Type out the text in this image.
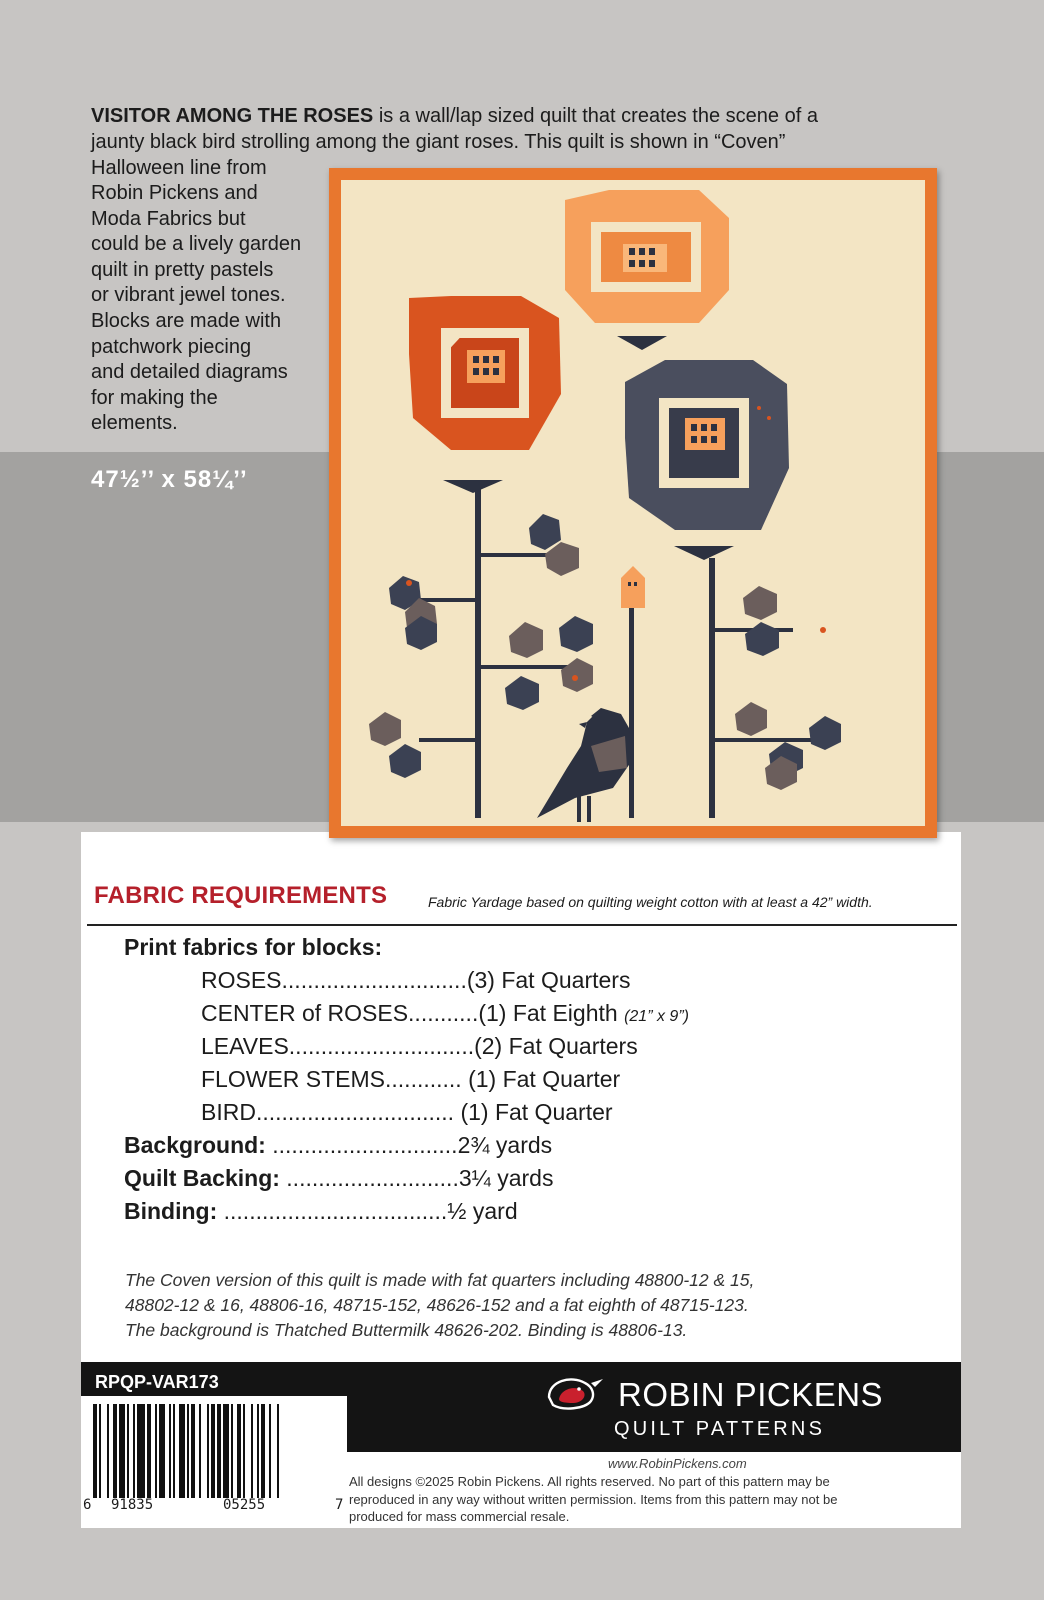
VISITOR AMONG THE ROSES is a wall/lap sized quilt that creates the scene of a
jaunty black bird strolling among the giant roses. This quilt is shown in “Coven”

Halloween line from
Robin Pickens and
Moda Fabrics but
could be a lively garden
quilt in pretty pastels
or vibrant jewel tones.
Blocks are made with
patchwork piecing
and detailed diagrams
for making the
elements.
47½’’ x 58¼’’
FABRIC REQUIREMENTS	Fabric Yardage based on quilting weight cotton with at least a 42” width.
Print fabrics for blocks:
ROSES.............................(3) Fat Quarters
CENTER of ROSES...........(1) Fat Eighth (21” x 9”)
LEAVES.............................(2) Fat Quarters
FLOWER STEMS............ (1) Fat Quarter
BIRD............................... (1) Fat Quarter
Background: .............................2¾ yards
Quilt Backing: ...........................3¼ yards
Binding: ...................................½ yard
The Coven version of this quilt is made with fat quarters including 48800-12 & 15,
48802-12 & 16, 48806-16, 48715-152, 48626-152 and a fat eighth of 48715-123.
The background is Thatched Buttermilk 48626-202. Binding is 48806-13.
RPQP-VAR173
6 91835	05255	7
ROBIN PICKENS
QUILT PATTERNS
www.RobinPickens.com
All designs ©2025 Robin Pickens. All rights reserved. No part of this pattern may be
reproduced in any way without written permission. Items from this pattern may not be
produced for mass commercial resale.
